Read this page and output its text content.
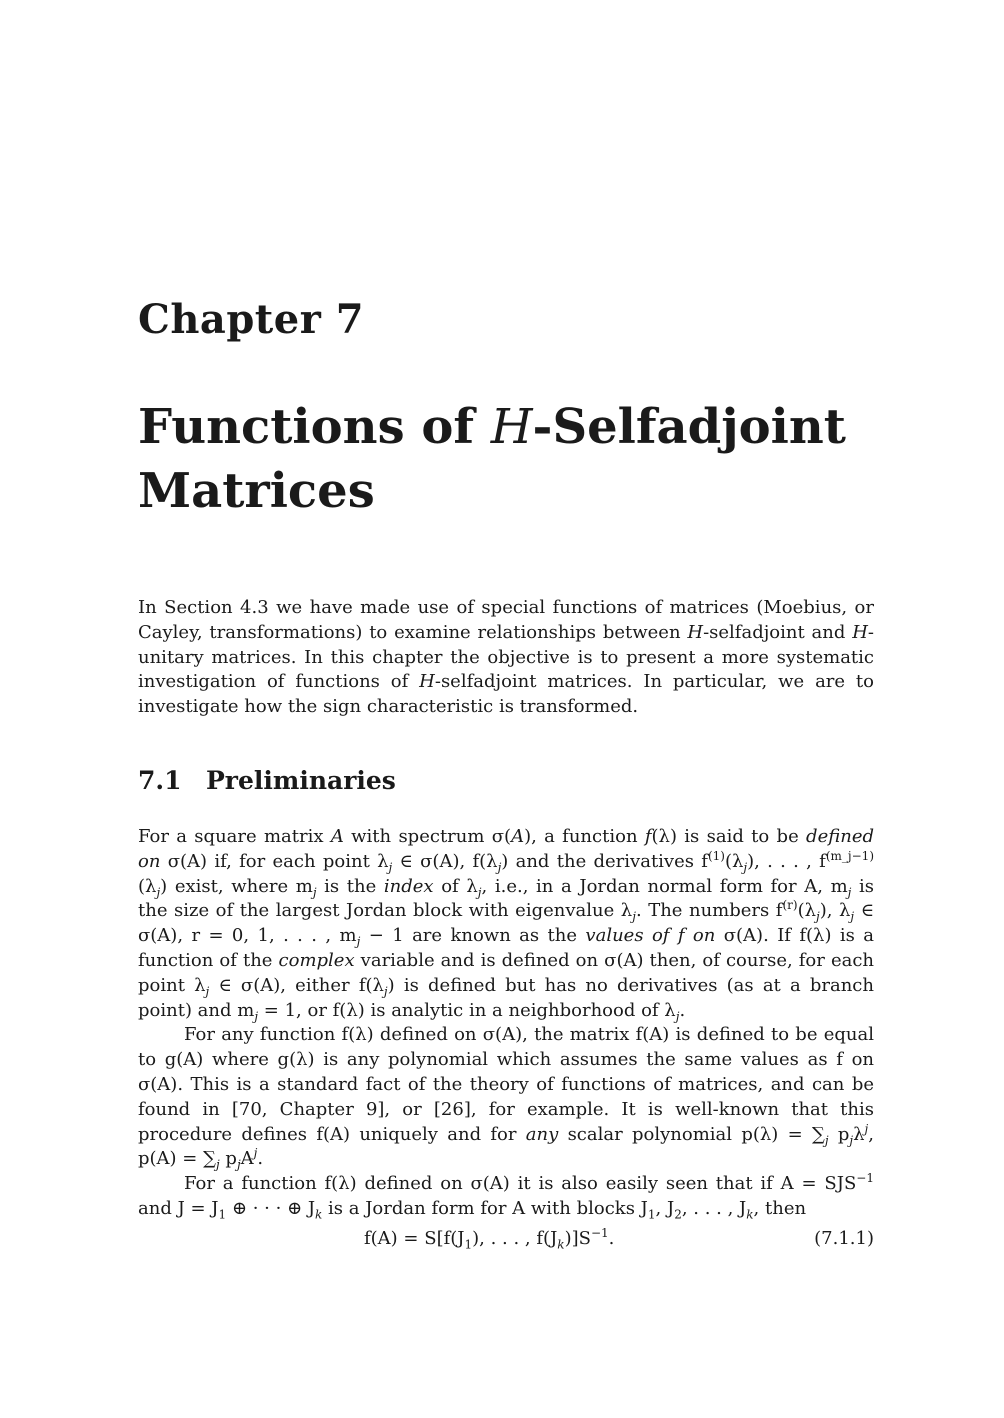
Chapter 7
Functions of H-Selfadjoint
Matrices

In Section 4.3 we have made use of special functions of matrices (Moebius, or Cayley, transformations) to examine relationships between H-selfadjoint and H-unitary matrices. In this chapter the objective is to present a more systematic investigation of functions of H-selfadjoint matrices. In particular, we are to investigate how the sign characteristic is transformed.

7.1 Preliminaries

For a square matrix A with spectrum σ(A), a function f(λ) is said to be defined on σ(A) if, for each point $\lambda_j$ ∈ σ(A), $f(\lambda_j)$ and the derivatives $f^{(1)}(\lambda_j)$, . . . , $f^{(m\_j-1)}(\lambda_j)$ exist, where $m_j$ is the index of $\lambda_j$, i.e., in a Jordan normal form for A, $m_j$ is the size of the largest Jordan block with eigenvalue $\lambda_j$. The numbers $f^{(r)}(\lambda_j)$, $\lambda_j$ ∈ σ(A), r = 0, 1, . . . , $m_j - 1$ are known as the values of f on σ(A). If f(λ) is a function of the complex variable and is defined on σ(A) then, of course, for each point $\lambda_j$ ∈ σ(A), either $f(\lambda_j)$ is defined but has no derivatives (as at a branch point) and $m_j = 1$, or f(λ) is analytic in a neighborhood of $\lambda_j$.

For any function f(λ) defined on σ(A), the matrix f(A) is defined to be equal to g(A) where g(λ) is any polynomial which assumes the same values as f on σ(A). This is a standard fact of the theory of functions of matrices, and can be found in [70, Chapter 9], or [26], for example. It is well-known that this procedure defines f(A) uniquely and for any scalar polynomial $p(\lambda) = \sum_j$ $p_j\lambda^j$, $p(A) = \sum_j$ $p_jA^j$.

For a function f(λ) defined on σ(A) it is also easily seen that if $A = SJS^{-1}$ and $J = J_1$ ⊕ · · · ⊕ $J_k$ is a Jordan form for A with blocks $J_1$, $J_2$, . . . , $J_k$, then

$f(A) = S[f(J_1)$, . . . , $f(J_k)]S^{-1}$.	(7.1.1)
